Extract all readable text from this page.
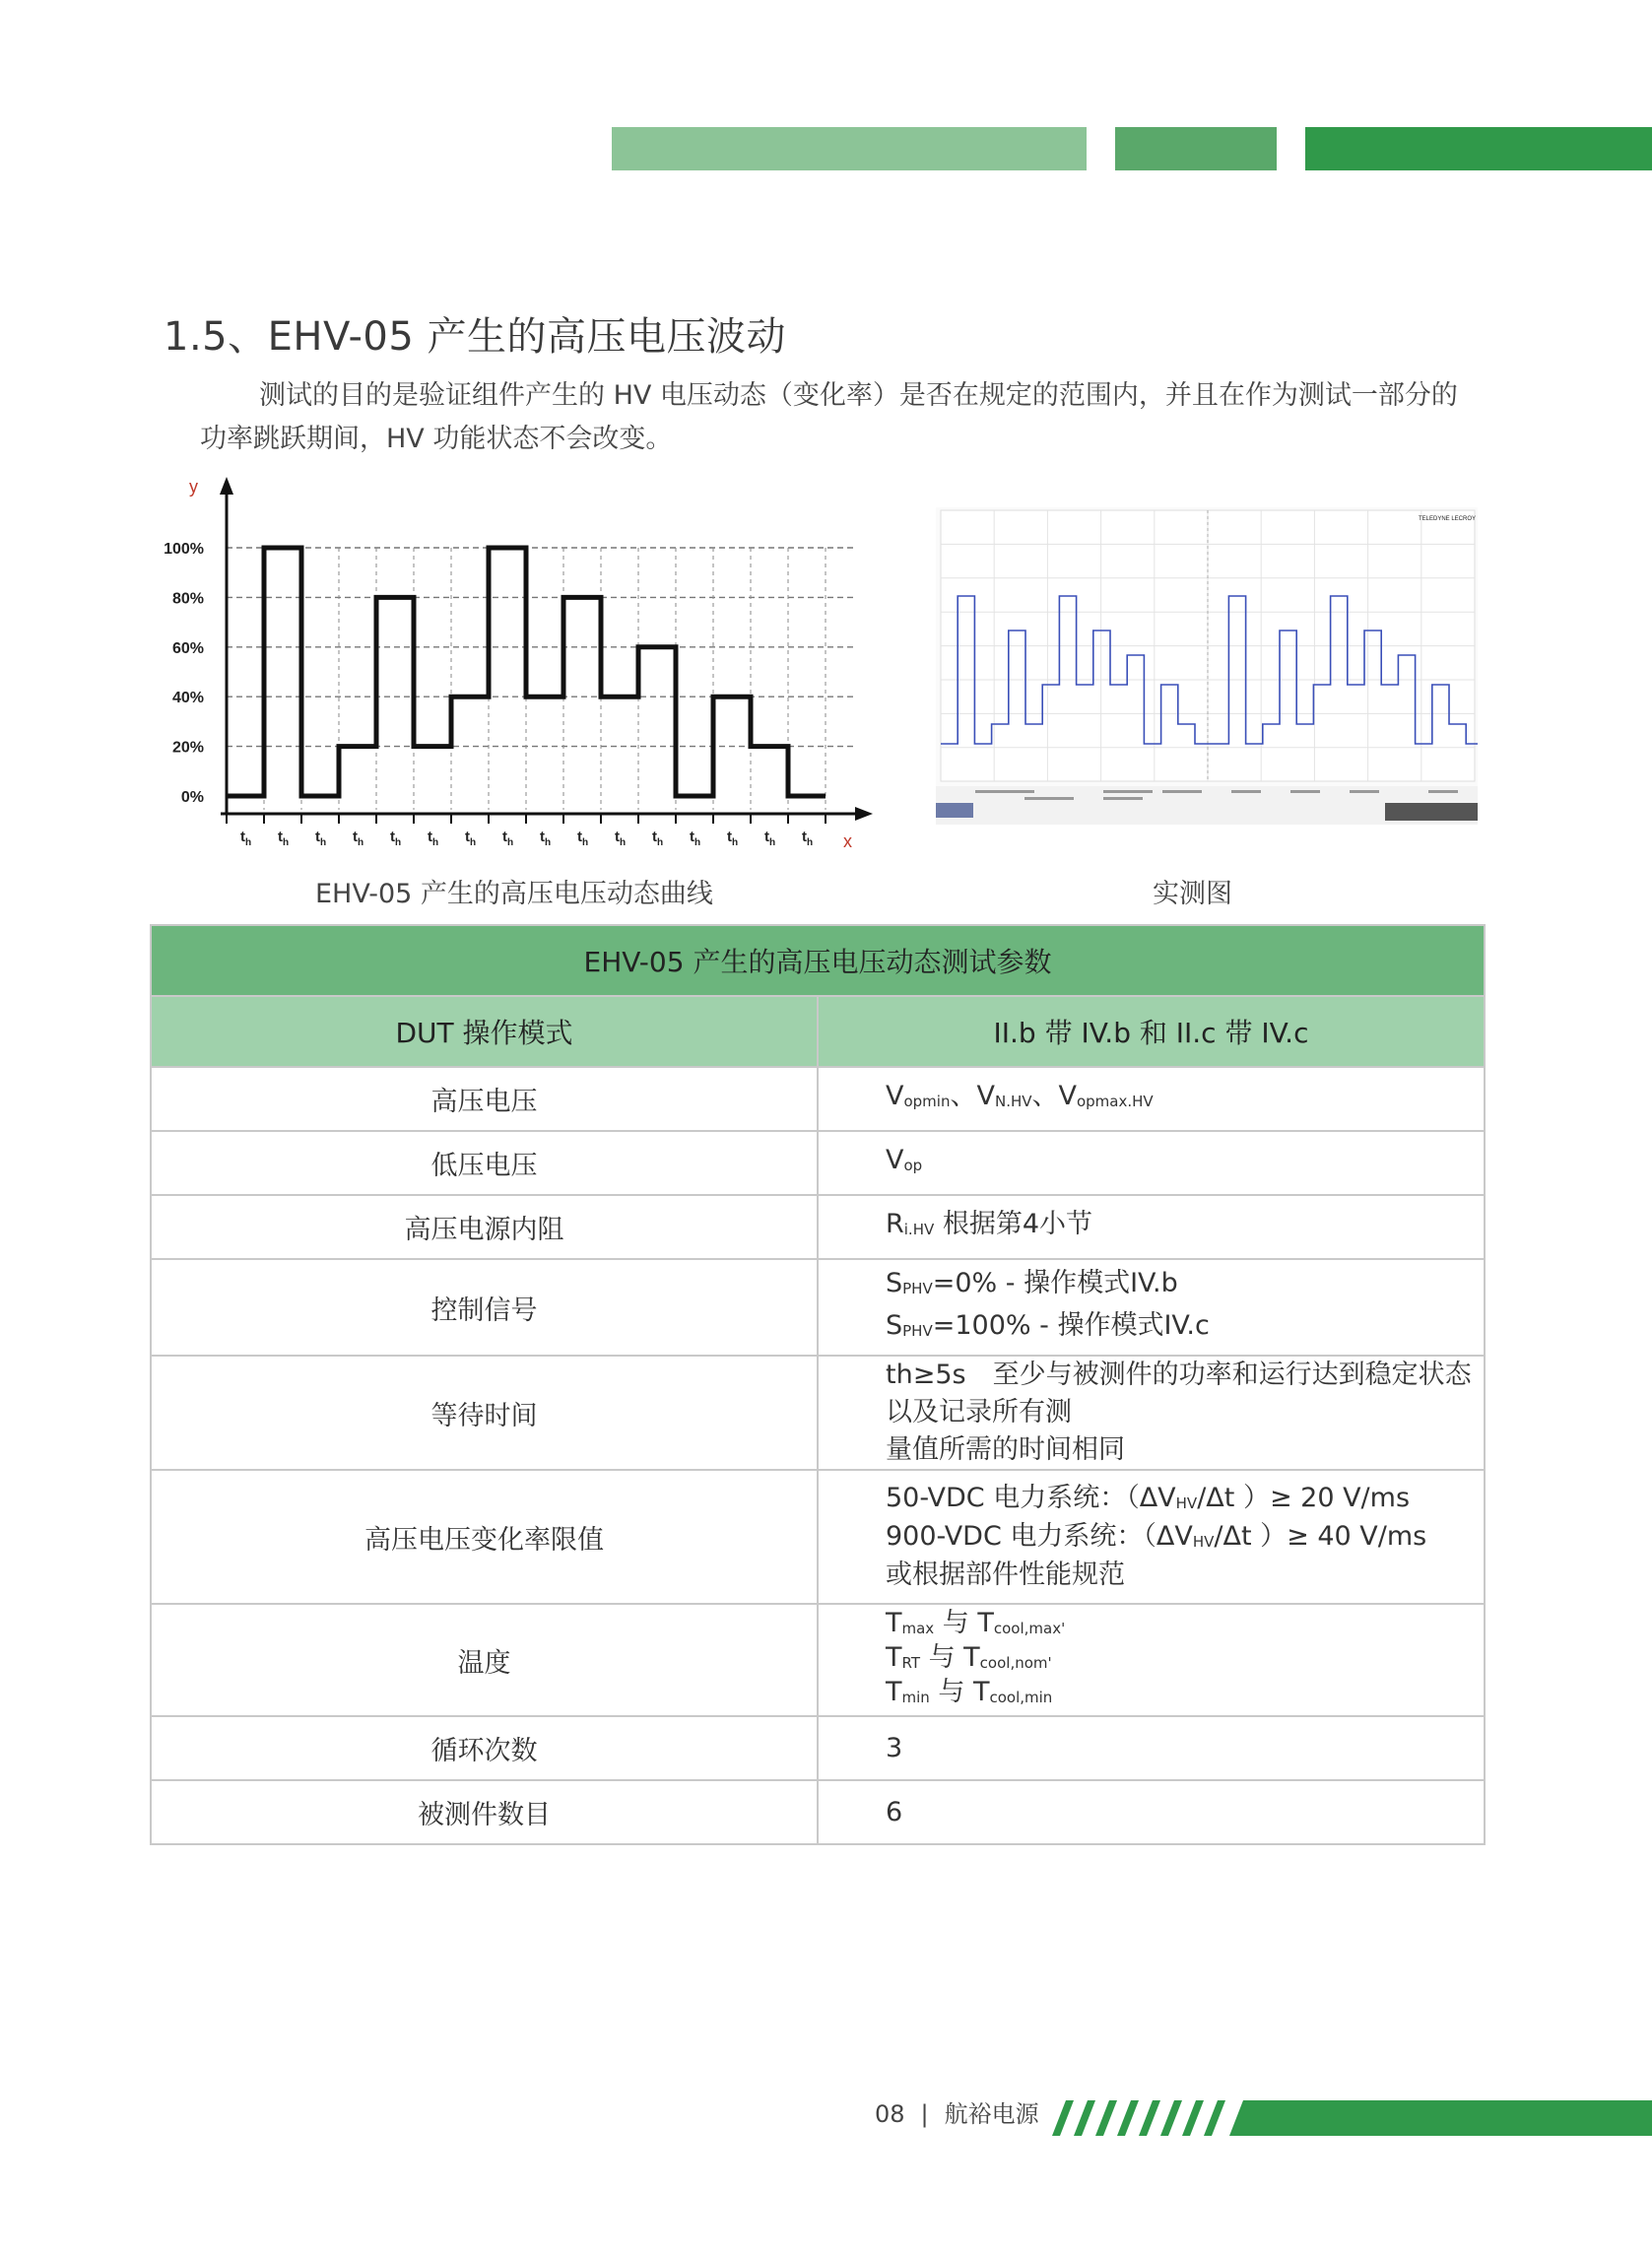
1.5、EHV-05 产生的高压电压波动
测试的目的是验证组件产生的 HV 电压动态（变化率）是否在规定的范围内，并且在作为测试一部分的功率跳跃期间，HV 功能状态不会改变。
100%
80%
60%
40%
20%
0%
$t_h$ $t_h$ $t_h$ $t_h$ $t_h$ $t_h$ $t_h$ $t_h$ $t_h$ $t_h$ $t_h$ $t_h$ $t_h$ $t_h$ $t_h$ $t_h$
y
x
TELEDYNE LECROY
EHV-05 产生的高压电压动态曲线	实测图
EHV-05 产生的高压电压动态测试参数	
DUT 操作模式	II.b 带 IV.b 和 II.c 带 IV.c
高压电压	Vopmin、VN.HV、Vopmax.HV
低压电压	Vop
高压电源内阻	Ri.HV 根据第4小节
控制信号	SPHV=0% - 操作模式IV.b
SPHV=100% - 操作模式IV.c
等待时间	th≥5s　至少与被测件的功率和运行达到稳定状态以及记录所有测
量值所需的时间相同
高压电压变化率限值	50-VDC 电力系统：（ΔVHV/Δt ）≥ 20 V/ms
900-VDC 电力系统：（ΔVHV/Δt ）≥ 40 V/ms
或根据部件性能规范
温度	Tmax 与 Tcool,max'
TRT 与 Tcool,nom'
Tmin 与 Tcool,min
循环次数	3
被测件数目	6
08 | 航裕电源
